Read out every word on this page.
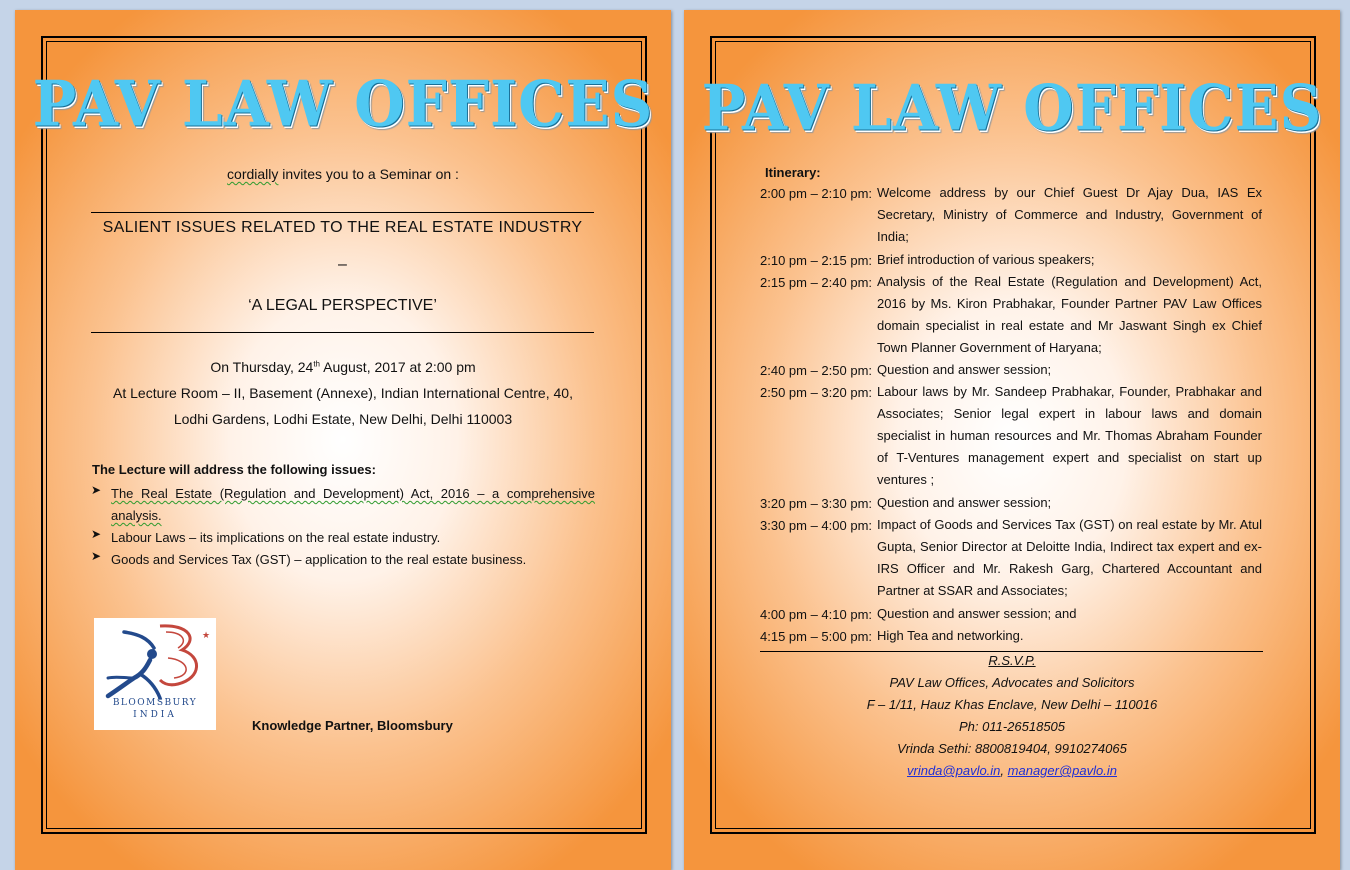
PAV LAW OFFICES
cordially invites you to a Seminar on :
SALIENT ISSUES RELATED TO THE REAL ESTATE INDUSTRY
–
‘A LEGAL PERSPECTIVE’
On Thursday, 24th August, 2017 at 2:00 pm
At Lecture Room – II, Basement (Annexe), Indian International Centre, 40,
Lodhi Gardens, Lodhi Estate, New Delhi, Delhi 110003
The Lecture will address the following issues:
➤ The Real Estate (Regulation and Development) Act, 2016 – a comprehensive analysis.
➤ Labour Laws – its implications on the real estate industry.
➤ Goods and Services Tax (GST) – application to the real estate business.
★
BLOOMSBURY
INDIA
Knowledge Partner, Bloomsbury
PAV LAW OFFICES
Itinerary:
2:00 pm – 2:10 pm: Welcome address by our Chief Guest Dr Ajay Dua, IAS Ex Secretary, Ministry of Commerce and Industry, Government of India;
2:10 pm – 2:15 pm: Brief introduction of various speakers;
2:15 pm – 2:40 pm: Analysis of the Real Estate (Regulation and Development) Act, 2016 by Ms. Kiron Prabhakar, Founder Partner PAV Law Offices domain specialist in real estate and Mr Jaswant Singh ex Chief Town Planner Government of Haryana;
2:40 pm – 2:50 pm: Question and answer session;
2:50 pm – 3:20 pm: Labour laws by Mr. Sandeep Prabhakar, Founder, Prabhakar and Associates; Senior legal expert in labour laws and domain specialist in human resources and Mr. Thomas Abraham Founder of T-Ventures management expert and specialist on start up ventures ;
3:20 pm – 3:30 pm: Question and answer session;
3:30 pm – 4:00 pm: Impact of Goods and Services Tax (GST) on real estate by Mr. Atul Gupta, Senior Director at Deloitte India, Indirect tax expert and ex-IRS Officer and Mr. Rakesh Garg, Chartered Accountant and Partner at SSAR and Associates;
4:00 pm – 4:10 pm: Question and answer session; and
4:15 pm – 5:00 pm: High Tea and networking.
R.S.V.P.
PAV Law Offices, Advocates and Solicitors
F – 1/11, Hauz Khas Enclave, New Delhi – 110016
Ph: 011-26518505
Vrinda Sethi: 8800819404, 9910274065
vrinda@pavlo.in, manager@pavlo.in
